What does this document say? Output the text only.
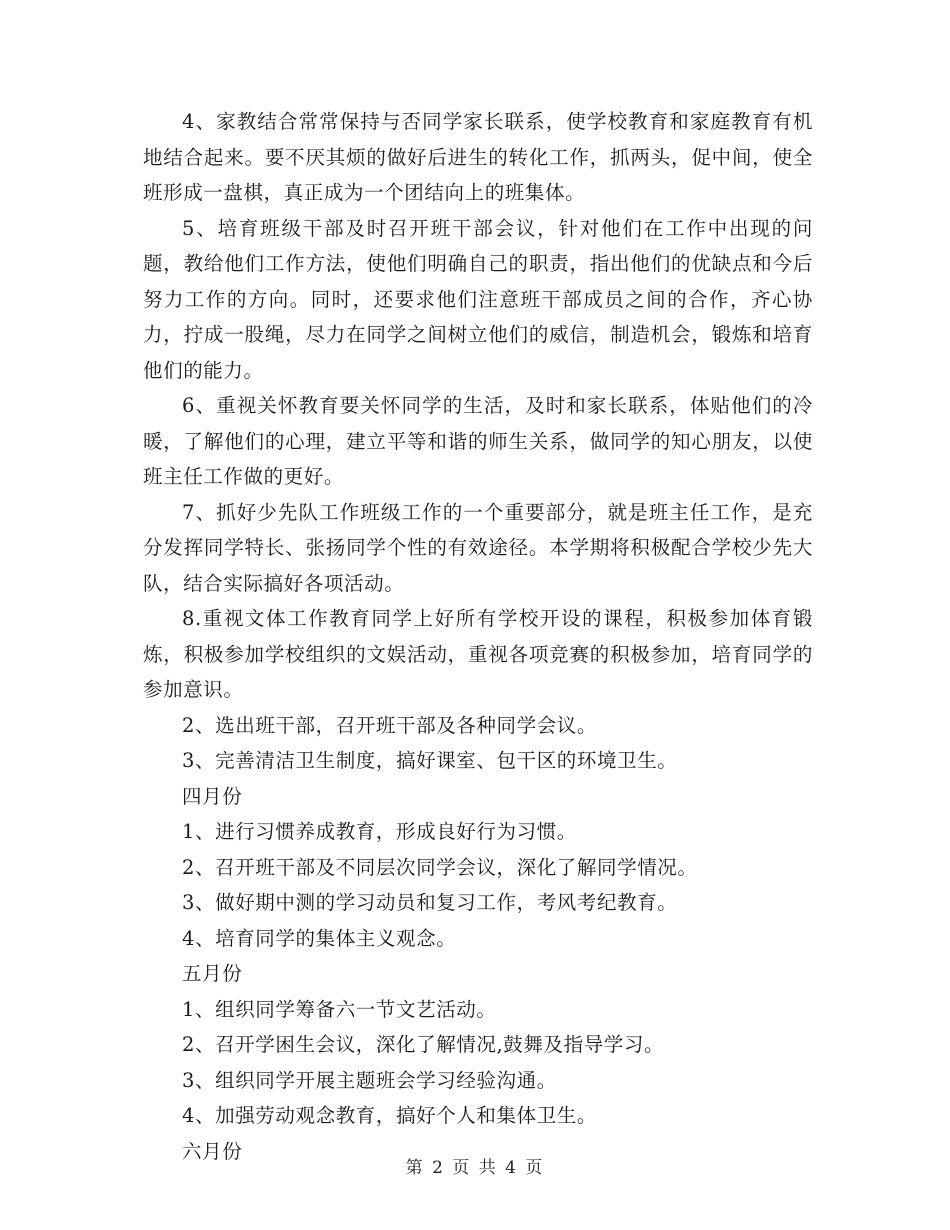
4、家教结合常常保持与否同学家长联系，使学校教育和家庭教育有机地结合起来。要不厌其烦的做好后进生的转化工作，抓两头，促中间，使全班形成一盘棋，真正成为一个团结向上的班集体。

5、培育班级干部及时召开班干部会议，针对他们在工作中出现的问题，教给他们工作方法，使他们明确自己的职责，指出他们的优缺点和今后努力工作的方向。同时，还要求他们注意班干部成员之间的合作，齐心协力，拧成一股绳，尽力在同学之间树立他们的威信，制造机会，锻炼和培育他们的能力。

6、重视关怀教育要关怀同学的生活，及时和家长联系，体贴他们的冷暖，了解他们的心理，建立平等和谐的师生关系，做同学的知心朋友，以使班主任工作做的更好。

7、抓好少先队工作班级工作的一个重要部分，就是班主任工作，是充分发挥同学特长、张扬同学个性的有效途径。本学期将积极配合学校少先大队，结合实际搞好各项活动。

8.重视文体工作教育同学上好所有学校开设的课程，积极参加体育锻炼，积极参加学校组织的文娱活动，重视各项竞赛的积极参加，培育同学的参加意识。

2、选出班干部，召开班干部及各种同学会议。

3、完善清洁卫生制度，搞好课室、包干区的环境卫生。

四月份

1、进行习惯养成教育，形成良好行为习惯。

2、召开班干部及不同层次同学会议，深化了解同学情况。

3、做好期中测的学习动员和复习工作，考风考纪教育。

4、培育同学的集体主义观念。

五月份

1、组织同学筹备六一节文艺活动。

2、召开学困生会议，深化了解情况,鼓舞及指导学习。

3、组织同学开展主题班会学习经验沟通。

4、加强劳动观念教育，搞好个人和集体卫生。

六月份

第 2 页 共 4 页
